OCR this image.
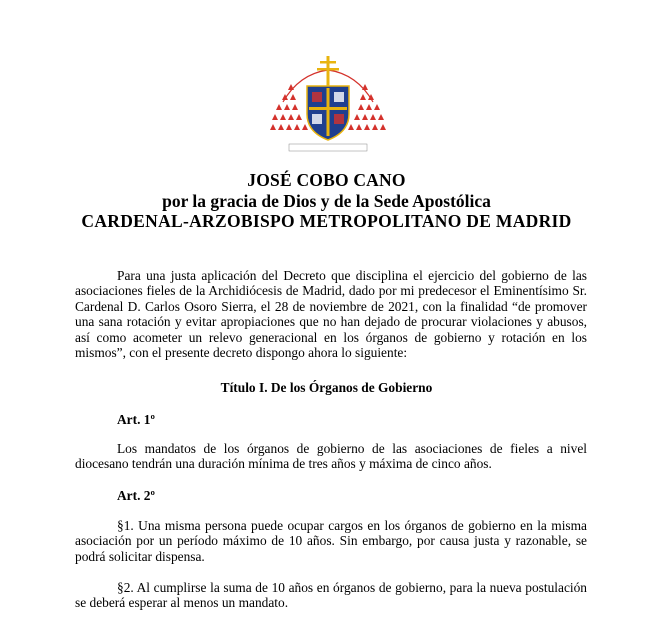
JOSÉ COBO CANO
por la gracia de Dios y de la Sede Apostólica
CARDENAL-ARZOBISPO METROPOLITANO DE MADRID

Para una justa aplicación del Decreto que disciplina el ejercicio del gobierno de las asociaciones fieles de la Archidiócesis de Madrid, dado por mi predecesor el Eminentísimo Sr. Cardenal D. Carlos Osoro Sierra, el 28 de noviembre de 2021, con la finalidad “de promover una sana rotación y evitar apropiaciones que no han dejado de procurar violaciones y abusos, así como acometer un relevo generacional en los órganos de gobierno y rotación en los mismos”, con el presente decreto dispongo ahora lo siguiente:

Título I. De los Órganos de Gobierno
Art. 1º

Los mandatos de los órganos de gobierno de las asociaciones de fieles a nivel diocesano tendrán una duración mínima de tres años y máxima de cinco años.

Art. 2º

§1. Una misma persona puede ocupar cargos en los órganos de gobierno en la misma asociación por un período máximo de 10 años. Sin embargo, por causa justa y razonable, se podrá solicitar dispensa.

§2. Al cumplirse la suma de 10 años en órganos de gobierno, para la nueva postulación se deberá esperar al menos un mandato.
